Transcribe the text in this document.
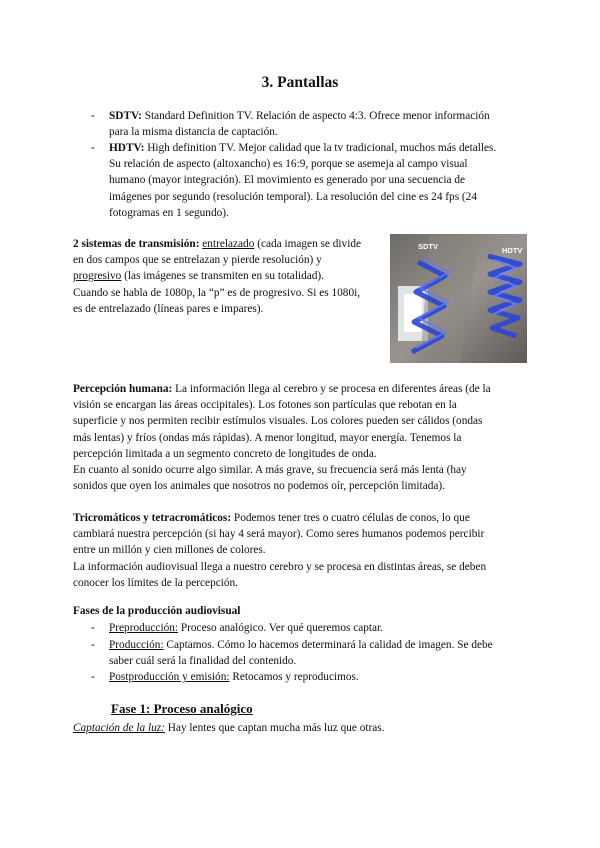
3. Pantallas
- SDTV: Standard Definition TV. Relación de aspecto 4:3. Ofrece menor información
para la misma distancia de captación.

- HDTV: High definition TV. Mejor calidad que la tv tradicional, muchos más detalles.
Su relación de aspecto (altoxancho) es 16:9, porque se asemeja al campo visual
humano (mayor integración). El movimiento es generado por una secuencia de
imágenes por segundo (resolución temporal). La resolución del cine es 24 fps (24
fotogramas en 1 segundo).

2 sistemas de transmisión: entrelazado (cada imagen se divide
en dos campos que se entrelazan y pierde resolución) y
progresivo (las imágenes se transmiten en su totalidad).
Cuando se habla de 1080p, la “p” es de progresivo. Si es 1080i,
es de entrelazado (líneas pares e impares).

SDTV	HDTV

Percepción humana: La información llega al cerebro y se procesa en diferentes áreas (de la
visión se encargan las áreas occipitales). Los fotones son partículas que rebotan en la
superficie y nos permiten recibir estímulos visuales. Los colores pueden ser cálidos (ondas
más lentas) y fríos (ondas más rápidas). A menor longitud, mayor energía. Tenemos la
percepción limitada a un segmento concreto de longitudes de onda.
En cuanto al sonido ocurre algo similar. A más grave, su frecuencia será más lenta (hay
sonidos que oyen los animales que nosotros no podemos oír, percepción limitada).

Tricromáticos y tetracromáticos: Podemos tener tres o cuatro células de conos, lo que
cambiará nuestra percepción (si hay 4 será mayor). Como seres humanos podemos percibir
entre un millón y cien millones de colores.
La información audiovisual llega a nuestro cerebro y se procesa en distintas áreas, se deben
conocer los límites de la percepción.

Fases de la producción audiovisual

- Preproducción: Proceso analógico. Ver qué queremos captar.

- Producción: Captamos. Cómo lo hacemos determinará la calidad de imagen. Se debe
saber cuál será la finalidad del contenido.

- Postproducción y emisión: Retocamos y reproducimos.

Fase 1: Proceso analógico

Captación de la luz: Hay lentes que captan mucha más luz que otras.
